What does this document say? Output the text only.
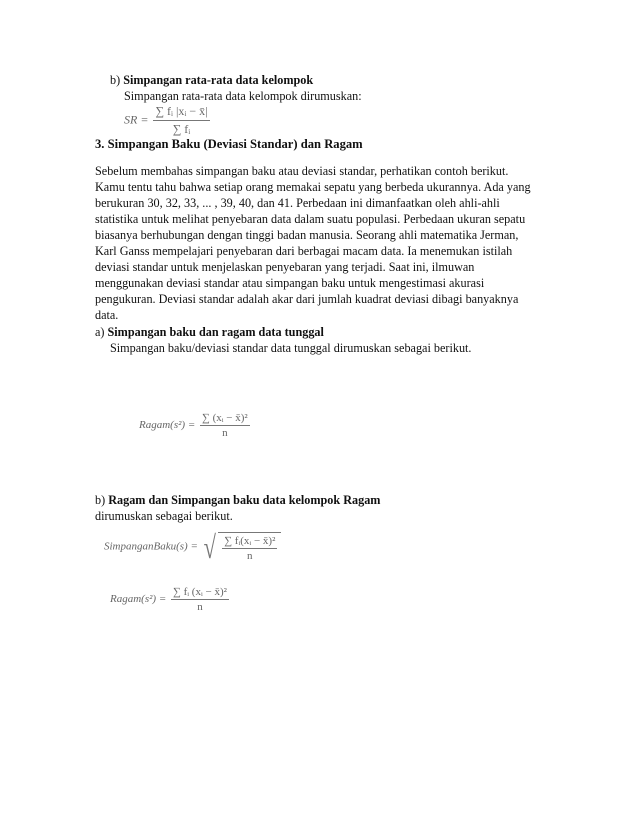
b) Simpangan rata-rata data kelompok
Simpangan rata-rata data kelompok dirumuskan:
SR = $\frac{\text{∑ fᵢ |xᵢ − x̄|}}{\text{∑ fᵢ}}$
3. Simpangan Baku (Deviasi Standar) dan Ragam
Sebelum membahas simpangan baku atau deviasi standar, perhatikan contoh berikut.
Kamu tentu tahu bahwa setiap orang memakai sepatu yang berbeda ukurannya. Ada yang
berukuran 30, 32, 33, ... , 39, 40, dan 41. Perbedaan ini dimanfaatkan oleh ahli-ahli
statistika untuk melihat penyebaran data dalam suatu populasi. Perbedaan ukuran sepatu
biasanya berhubungan dengan tinggi badan manusia. Seorang ahli matematika Jerman,
Karl Ganss mempelajari penyebaran dari berbagai macam data. Ia menemukan istilah
deviasi standar untuk menjelaskan penyebaran yang terjadi. Saat ini, ilmuwan
menggunakan deviasi standar atau simpangan baku untuk mengestimasi akurasi
pengukuran. Deviasi standar adalah akar dari jumlah kuadrat deviasi dibagi banyaknya
data.
a) Simpangan baku dan ragam data tunggal
Simpangan baku/deviasi standar data tunggal dirumuskan sebagai berikut.
Ragam(s²) = $\frac{\text{∑ (xᵢ − x̄)²}}{n}$
b) Ragam dan Simpangan baku data kelompok Ragam
dirumuskan sebagai berikut.
SimpanganBaku(s) = √ $\frac{\text{∑ fᵢ(xᵢ − x̄)²}}{n}$
Ragam(s²) = $\frac{\text{∑ fᵢ (xᵢ − x̄)²}}{n}$
